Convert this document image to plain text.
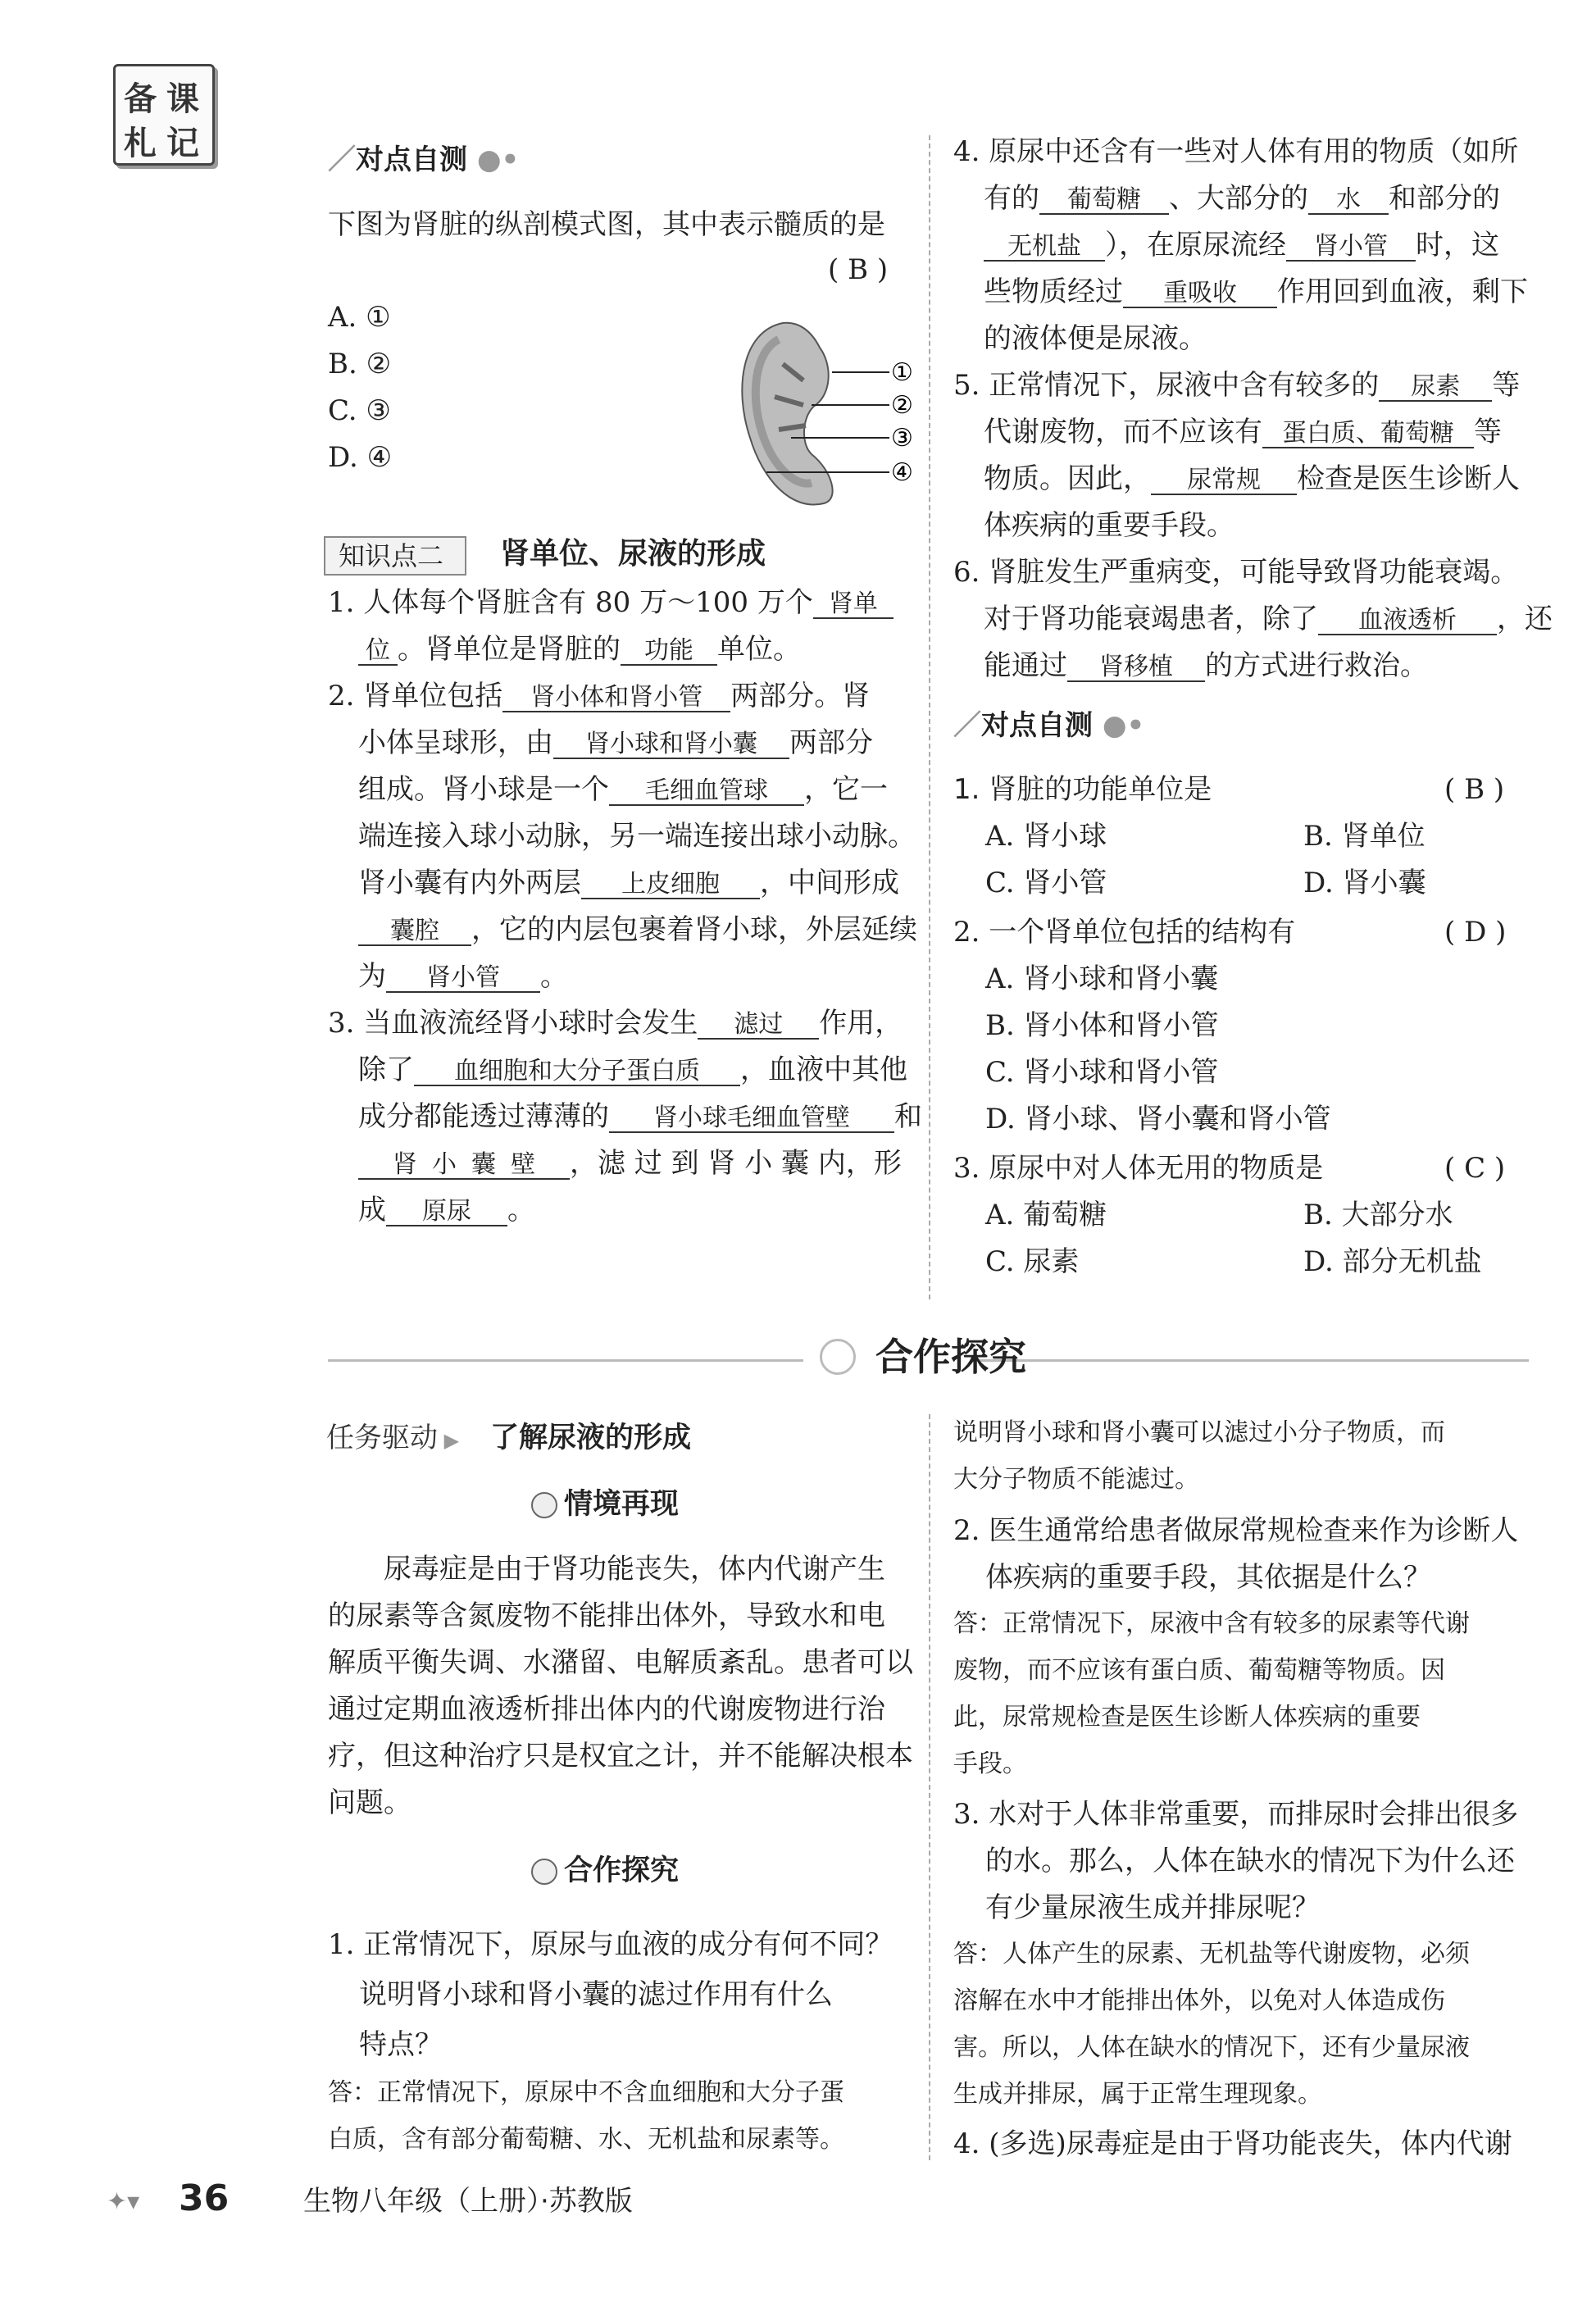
备 课
札 记	／对点自测 ●•
下图为肾脏的纵剖模式图，其中表示髓质的是
( B )
A. ①
B. ②
C. ③
D. ④
①
②
③
④
知识点二	肾单位、尿液的形成
1. 人体每个肾脏含有 80 万～100 万个 肾单
位 。肾单位是肾脏的 功能 单位。
2. 肾单位包括 肾小体和肾小管 两部分。肾
小体呈球形，由 肾小球和肾小囊 两部分
组成。肾小球是一个 毛细血管球 ，它一
端连接入球小动脉，另一端连接出球小动脉。
肾小囊有内外两层 上皮细胞 ，中间形成
囊腔 ，它的内层包裹着肾小球，外层延续
为 肾小管 。
3. 当血液流经肾小球时会发生 滤过 作用，
除了 血细胞和大分子蛋白质 ，血液中其他
成分都能透过薄薄的 肾小球毛细血管壁 和
肾 小 囊 壁 ，滤 过 到 肾 小 囊 内，形
成 原尿 。
4. 原尿中还含有一些对人体有用的物质（如所
有的 葡萄糖 、大部分的 水 和部分的
无机盐 ），在原尿流经 肾小管 时，这
些物质经过 重吸收 作用回到血液，剩下
的液体便是尿液。
5. 正常情况下，尿液中含有较多的 尿素 等
代谢废物，而不应该有 蛋白质、葡萄糖 等
物质。因此， 尿常规 检查是医生诊断人
体疾病的重要手段。
6. 肾脏发生严重病变，可能导致肾功能衰竭。
对于肾功能衰竭患者，除了 血液透析 ，还
能通过 肾移植 的方式进行救治。
／对点自测 ●•
1. 肾脏的功能单位是	( B )
A. 肾小球	B. 肾单位
C. 肾小管	D. 肾小囊
2. 一个肾单位包括的结构有	( D )
A. 肾小球和肾小囊
B. 肾小体和肾小管
C. 肾小球和肾小管
D. 肾小球、肾小囊和肾小管
3. 原尿中对人体无用的物质是	( C )
A. 葡萄糖	B. 大部分水
C. 尿素	D. 部分无机盐
合作探究
任务驱动 ▶ 了解尿液的形成
情境再现
尿毒症是由于肾功能丧失，体内代谢产生
的尿素等含氮废物不能排出体外，导致水和电
解质平衡失调、水潴留、电解质紊乱。患者可以
通过定期血液透析排出体内的代谢废物进行治
疗，但这种治疗只是权宜之计，并不能解决根本
问题。
合作探究
1. 正常情况下，原尿与血液的成分有何不同？
说明肾小球和肾小囊的滤过作用有什么
特点？
答：正常情况下，原尿中不含血细胞和大分子蛋
白质，含有部分葡萄糖、水、无机盐和尿素等。
说明肾小球和肾小囊可以滤过小分子物质，而
大分子物质不能滤过。
2. 医生通常给患者做尿常规检查来作为诊断人
体疾病的重要手段，其依据是什么？
答：正常情况下，尿液中含有较多的尿素等代谢
废物，而不应该有蛋白质、葡萄糖等物质。因
此，尿常规检查是医生诊断人体疾病的重要
手段。
3. 水对于人体非常重要，而排尿时会排出很多
的水。那么，人体在缺水的情况下为什么还
有少量尿液生成并排尿呢？
答：人体产生的尿素、无机盐等代谢废物，必须
溶解在水中才能排出体外，以免对人体造成伤
害。所以，人体在缺水的情况下，还有少量尿液
生成并排尿，属于正常生理现象。
4. (多选)尿毒症是由于肾功能丧失，体内代谢
✦▾ 36	生物八年级（上册）·苏教版
